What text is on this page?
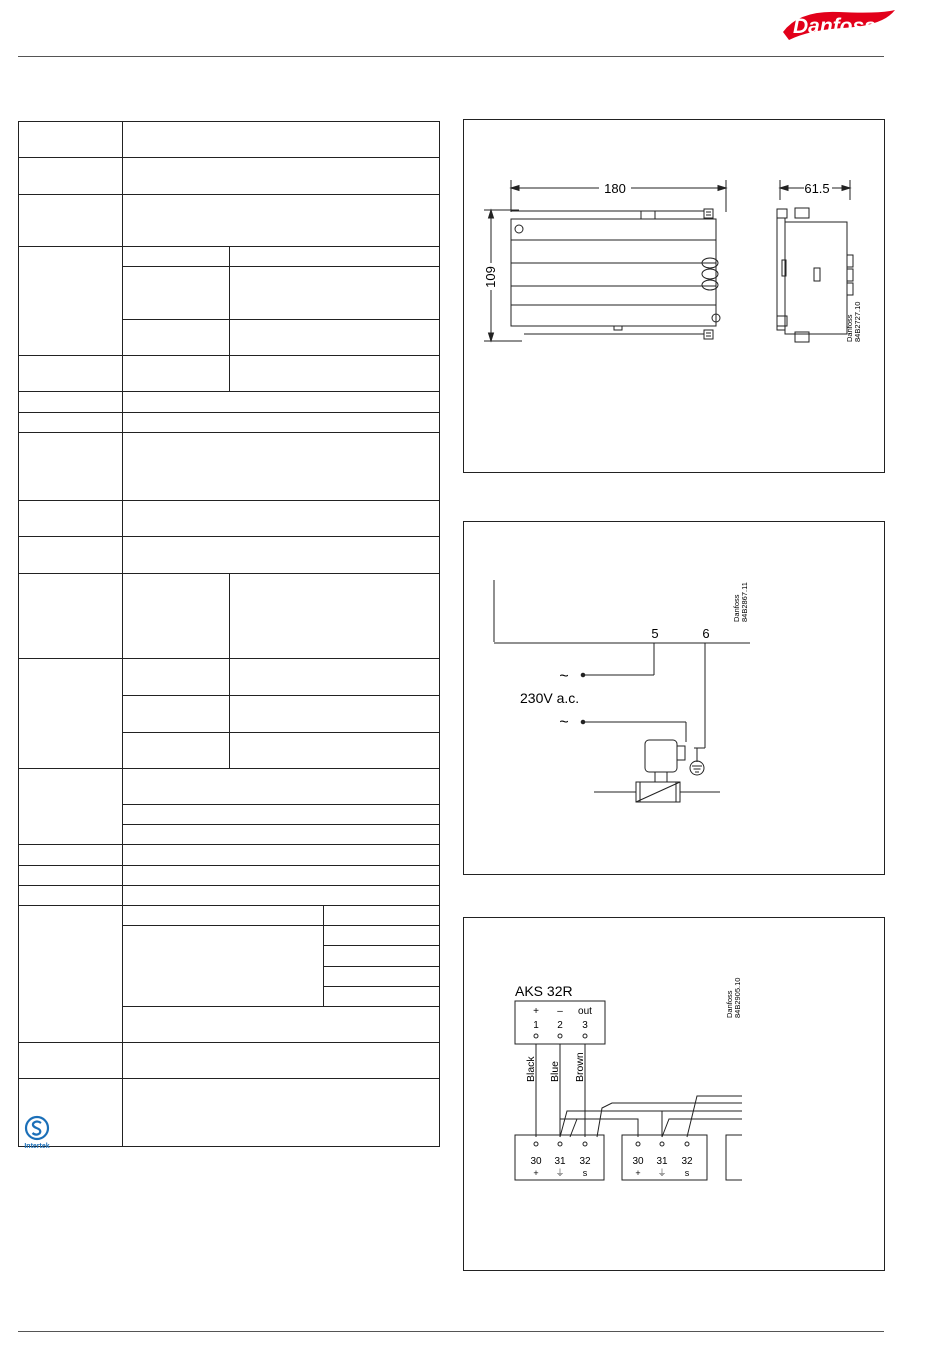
Danfoss

Intertek
180
109
61.5
Danfoss 84B2727.10
5	6
Danfoss 84B2867.11
~
230V a.c.
~
AKS 32R
+ – out
1 2 3
Danfoss 84B2905.10
Black Blue Brown
30 31 32
+ ⏚ s
30 31 32
+ ⏚ s
